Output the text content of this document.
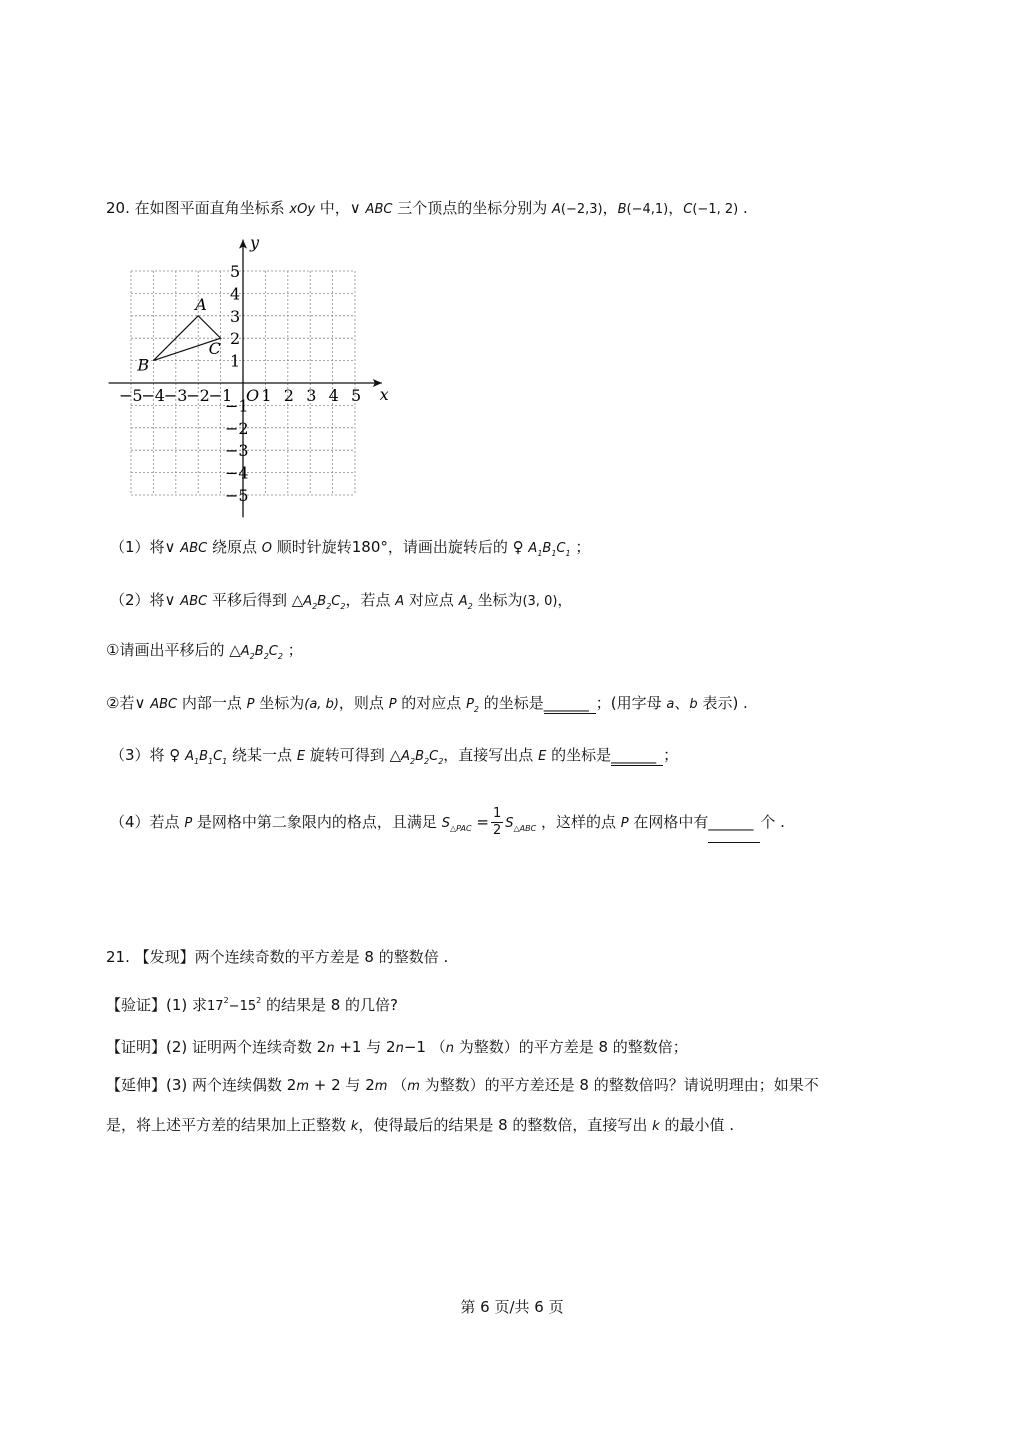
20. 在如图平面直角坐标系 xOy 中，∨ ABC 三个顶点的坐标分别为 A(−2,3)，B(−4,1)，C(−1, 2) .
x
y
O
−5
−4
−3
−2
−1 1 2 3 4 5
5
4
3
2
1
−1
−2
−3
−4
−5
A
B
C
（1）将∨ ABC 绕原点 O 顺时针旋转180°，请画出旋转后的 ♀ $A_1B_1C_1$ ；
（2）将∨ ABC 平移后得到 $\triangle A_2B_2C_2$，若点 A 对应点 $A_2$ 坐标为(3, 0)，
①请画出平移后的 $\triangle A_2B_2C_2$ ；
②若∨ ABC 内部一点 P 坐标为(a, b)，则点 P 的对应点 $P_2$ 的坐标是______ ；(用字母 a、b 表示) .
（3）将 ♀ $A_1B_1C_1$ 绕某一点 E 旋转可得到 $\triangle A_2B_2C_2$，直接写出点 E 的坐标是______ ；
（4）若点 P 是网格中第二象限内的格点，且满足 $S_{\triangle PAC} = \frac{1}{2} S_{\triangle ABC}$ ，这样的点 P 在网格中有______ 个 .
21. 【发现】两个连续奇数的平方差是 8 的整数倍 .
【验证】(1) 求$17^2-15^2$ 的结果是 8 的几倍?
【证明】(2) 证明两个连续奇数 2n +1 与 2n−1 （n 为整数）的平方差是 8 的整数倍；
【延伸】(3) 两个连续偶数 2m + 2 与 2m （m 为整数）的平方差还是 8 的整数倍吗？请说明理由；如果不
是，将上述平方差的结果加上正整数 k，使得最后的结果是 8 的整数倍，直接写出 k 的最小值 .
第 6 页/共 6 页
